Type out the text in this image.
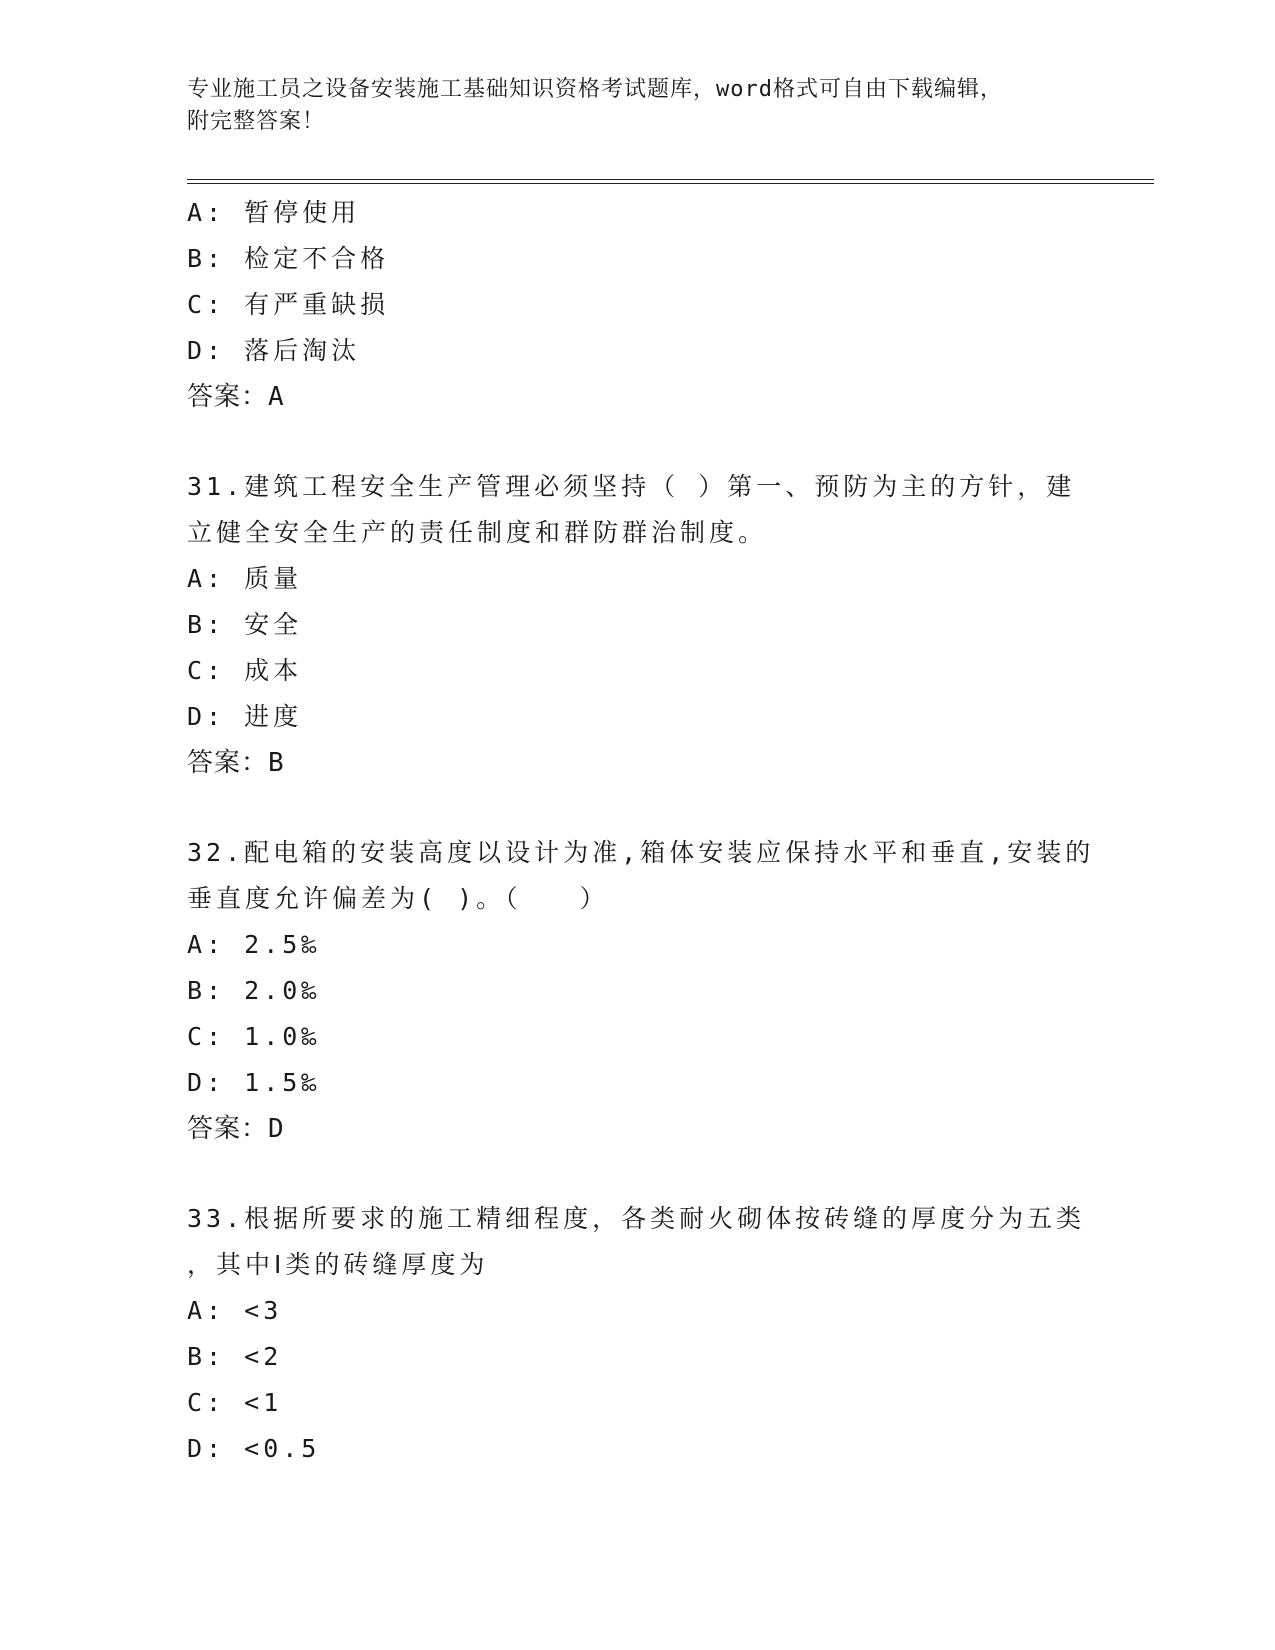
专业施工员之设备安装施工基础知识资格考试题库，word格式可自由下载编辑，
附完整答案！
A: 暂停使用
B: 检定不合格
C: 有严重缺损
D: 落后淘汰
答案：A
31.建筑工程安全生产管理必须坚持（ ）第一、预防为主的方针，建
立健全安全生产的责任制度和群防群治制度。
A: 质量
B: 安全
C: 成本
D: 进度
答案：B
32.配电箱的安装高度以设计为准,箱体安装应保持水平和垂直,安装的
垂直度允许偏差为( )。（　　）
A: 2.5‰
B: 2.0‰
C: 1.0‰
D: 1.5‰
答案：D
33.根据所要求的施工精细程度，各类耐火砌体按砖缝的厚度分为五类
，其中Ⅰ类的砖缝厚度为
A: <3
B: <2
C: <1
D: <0.5
